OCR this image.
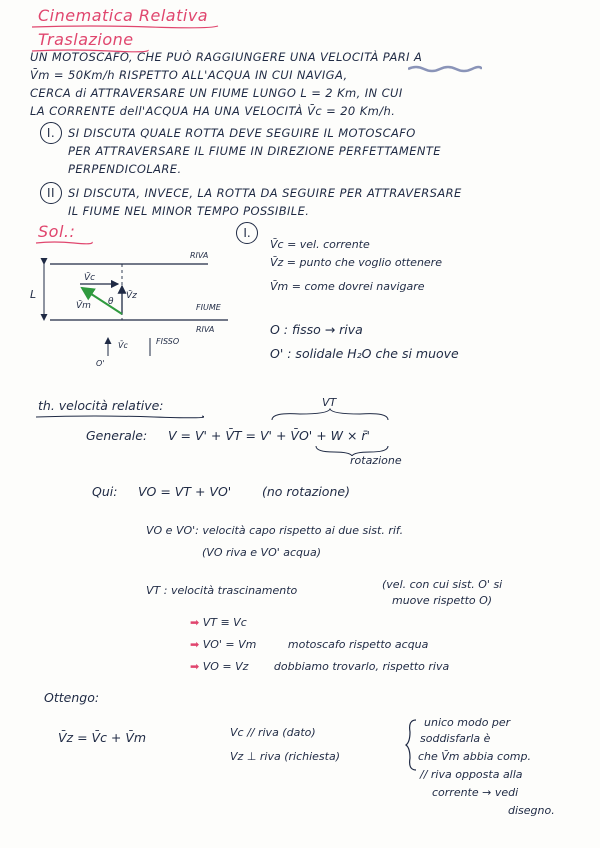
Cinematica Relativa
Traslazione
UN MOTOSCAFO, CHE PUÒ RAGGIUNGERE UNA VELOCITÀ PARI A
V̄m = 50Km/h RISPETTO ALL'ACQUA IN CUI NAVIGA,
CERCA di ATTRAVERSARE UN FIUME LUNGO L = 2 Km, IN CUI
LA CORRENTE dell'ACQUA HA UNA VELOCITÀ V̄c = 20 Km/h.
I. SI DISCUTA QUALE ROTTA DEVE SEGUIRE IL MOTOSCAFO
PER ATTRAVERSARE IL FIUME IN DIREZIONE PERFETTAMENTE
PERPENDICOLARE.
II SI DISCUTA, INVECE, LA ROTTA DA SEGUIRE PER ATTRAVERSARE
IL FIUME NEL MINOR TEMPO POSSIBILE.
Sol.:	I.
L
V̄c
V̄z
V̄m θ
RIVA
FIUME
RIVA
V̄c
O'
FISSO
V̄c = vel. corrente
V̄z = punto che voglio ottenere
V̄m = come dovrei navigare
O : fisso → riva
O' : solidale H₂O che si muove
th. velocità relative:	VT
Generale: V = V' + V̄T = V' + V̄O' + W × r̄'
rotazione
Qui: VO = VT + VO' (no rotazione)
VO e VO': velocità capo rispetto ai due sist. rif.
(VO riva e VO' acqua)
VT : velocità trascinamento	(vel. con cui sist. O' si
muove rispetto O)
➡ VT ≡ Vc
➡ VO' = Vm	motoscafo rispetto acqua
➡ VO = Vz dobbiamo trovarlo, rispetto riva
Ottengo:
V̄z = V̄c + V̄m	Vc // riva (dato)
Vz ⊥ riva (richiesta)
unico modo per
soddisfarla è
che V̄m abbia comp.
// riva opposta alla
corrente → vedi
disegno.
